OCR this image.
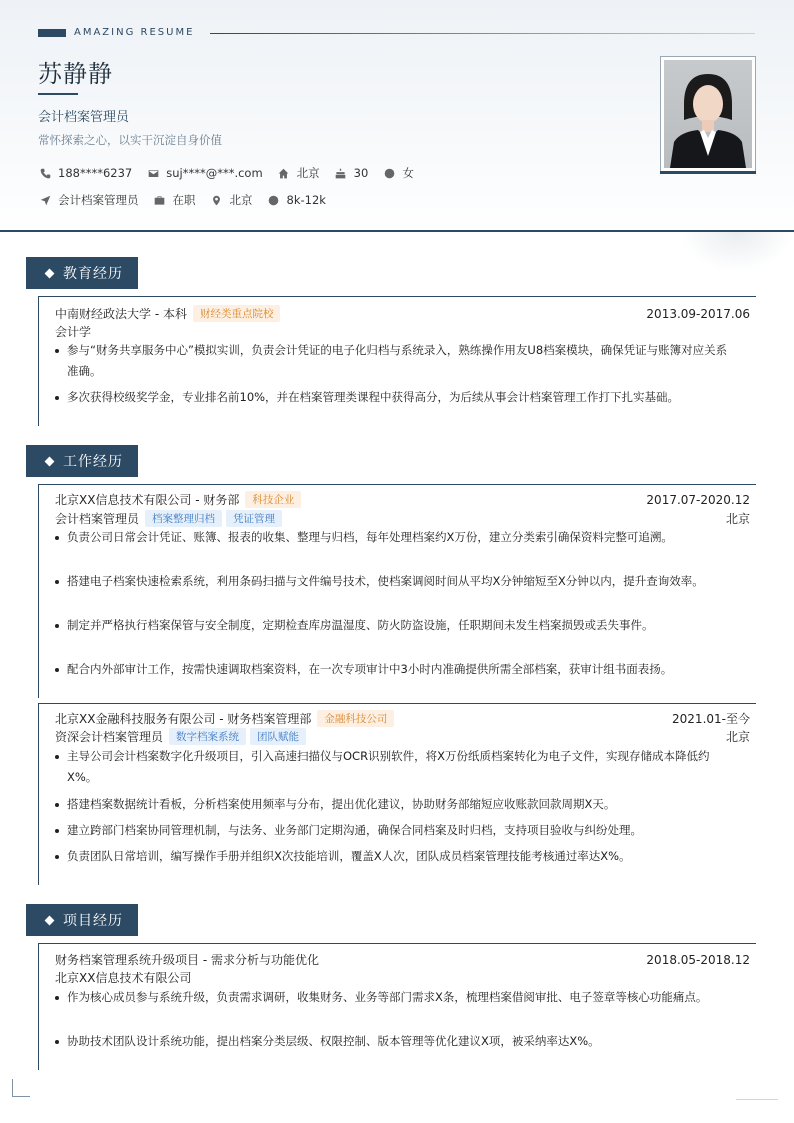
AMAZING RESUME
苏静静
会计档案管理员
常怀探索之心，以实干沉淀自身价值
188****6237	suj****@***.com	北京	30	女
会计档案管理员	在职	北京	8k-12k
教育经历
中南财经政法大学 - 本科	财经类重点院校	2013.09-2017.06
会计学
参与“财务共享服务中心”模拟实训，负责会计凭证的电子化归档与系统录入，熟练操作用友U8档案模块，确保凭证与账簿对应关系
准确。
多次获得校级奖学金，专业排名前10%，并在档案管理类课程中获得高分，为后续从事会计档案管理工作打下扎实基础。
工作经历
北京XX信息技术有限公司 - 财务部	科技企业	2017.07-2020.12
会计档案管理员	档案整理归档	凭证管理	北京
负责公司日常会计凭证、账簿、报表的收集、整理与归档，每年处理档案约X万份，建立分类索引确保资料完整可追溯。
搭建电子档案快速检索系统，利用条码扫描与文件编号技术，使档案调阅时间从平均X分钟缩短至X分钟以内，提升查询效率。
制定并严格执行档案保管与安全制度，定期检查库房温湿度、防火防盗设施，任职期间未发生档案损毁或丢失事件。
配合内外部审计工作，按需快速调取档案资料，在一次专项审计中3小时内准确提供所需全部档案，获审计组书面表扬。
北京XX金融科技服务有限公司 - 财务档案管理部	金融科技公司	2021.01-至今
资深会计档案管理员	数字档案系统	团队赋能	北京
主导公司会计档案数字化升级项目，引入高速扫描仪与OCR识别软件，将X万份纸质档案转化为电子文件，实现存储成本降低约
X%。
搭建档案数据统计看板，分析档案使用频率与分布，提出优化建议，协助财务部缩短应收账款回款周期X天。
建立跨部门档案协同管理机制，与法务、业务部门定期沟通，确保合同档案及时归档，支持项目验收与纠纷处理。
负责团队日常培训，编写操作手册并组织X次技能培训，覆盖X人次，团队成员档案管理技能考核通过率达X%。
项目经历
财务档案管理系统升级项目 - 需求分析与功能优化	2018.05-2018.12
北京XX信息技术有限公司
作为核心成员参与系统升级，负责需求调研，收集财务、业务等部门需求X条，梳理档案借阅审批、电子签章等核心功能痛点。
协助技术团队设计系统功能，提出档案分类层级、权限控制、版本管理等优化建议X项，被采纳率达X%。
